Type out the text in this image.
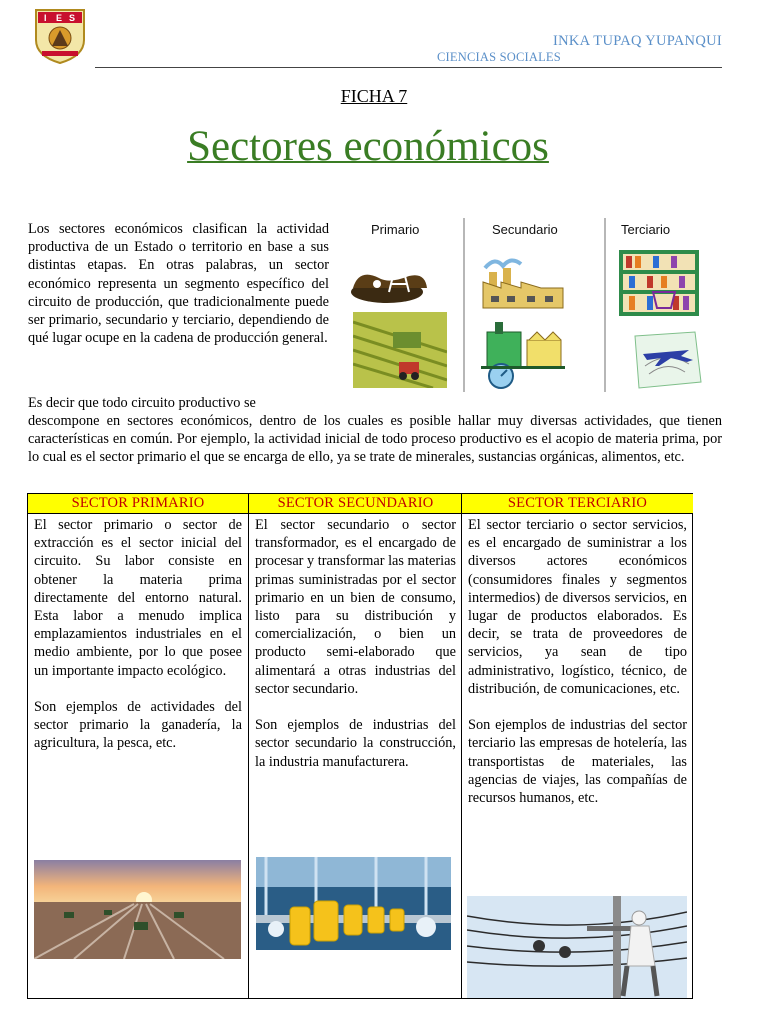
I E S
INKA TUPAQ YUPANQUI
CIENCIAS SOCIALES
FICHA 7
Sectores económicos
Los sectores económicos clasifican la actividad productiva de un Estado o territorio en base a sus distintas etapas. En otras palabras, un sector económico representa un segmento específico del circuito de producción, que tradicionalmente puede ser primario, secundario y terciario, dependiendo de qué lugar ocupe en la cadena de producción general.
Primario	Secundario	Terciario
Es decir que todo circuito productivo se
descompone en sectores económicos, dentro de los cuales es posible hallar muy diversas actividades, que tienen características en común. Por ejemplo, la actividad inicial de todo proceso productivo es el acopio de materia prima, por lo cual es el sector primario el que se encarga de ello, ya se trate de minerales, sustancias orgánicas, alimentos, etc.
SECTOR PRIMARIO

El sector primario o sector de extracción es el sector inicial del circuito. Su labor consiste en obtener la materia prima directamente del entorno natural. Esta labor a menudo implica emplazamientos industriales en el medio ambiente, por lo que posee un importante impacto ecológico.

Son ejemplos de actividades del sector primario la ganadería, la agricultura, la pesca, etc.

SECTOR SECUNDARIO

El sector secundario o sector transformador, es el encargado de procesar y transformar las materias primas suministradas por el sector primario en un bien de consumo, listo para su distribución y comercialización, o bien un producto semi-elaborado que alimentará a otras industrias del sector secundario.

Son ejemplos de industrias del sector secundario la construcción, la industria manufacturera.

SECTOR TERCIARIO

El sector terciario o sector servicios, es el encargado de suministrar a los diversos actores económicos (consumidores finales y segmentos intermedios) de diversos servicios, en lugar de productos elaborados. Es decir, se trata de proveedores de servicios, ya sean de tipo administrativo, logístico, técnico, de distribución, de comunicaciones, etc.

Son ejemplos de industrias del sector terciario las empresas de hotelería, las transportistas de materiales, las agencias de viajes, las compañías de recursos humanos, etc.
